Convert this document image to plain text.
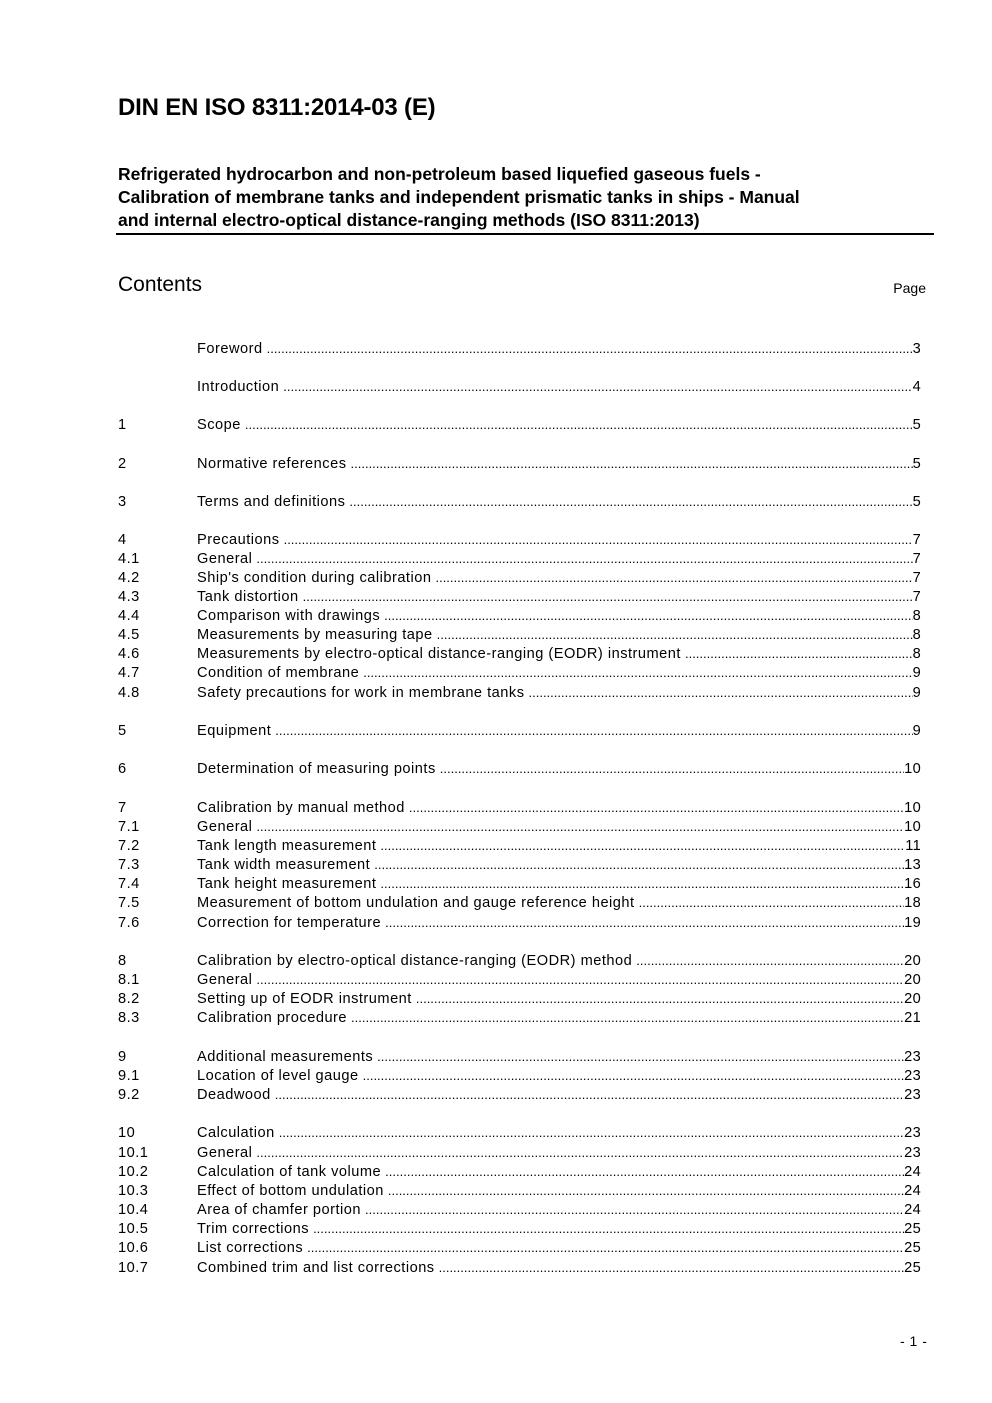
DIN EN ISO 8311:2014-03 (E)
Refrigerated hydrocarbon and non-petroleum based liquefied gaseous fuels -
Calibration of membrane tanks and independent prismatic tanks in ships - Manual
and internal electro-optical distance-ranging methods (ISO 8311:2013)
Contents	Page
Foreword .....	3
Introduction .....	4
1	Scope .....	5
2	Normative references .....	5
3	Terms and definitions .....	5
4	Precautions .....	7
4.1	General .....	7
4.2	Ship's condition during calibration .....	7
4.3	Tank distortion .....	7
4.4	Comparison with drawings .....	8
4.5	Measurements by measuring tape .....	8
4.6	Measurements by electro-optical distance-ranging (EODR) instrument .....	8
4.7	Condition of membrane .....	9
4.8	Safety precautions for work in membrane tanks .....	9
5	Equipment .....	9
6	Determination of measuring points .....	10
7	Calibration by manual method .....	10
7.1	General .....	10
7.2	Tank length measurement .....	11
7.3	Tank width measurement .....	13
7.4	Tank height measurement .....	16
7.5	Measurement of bottom undulation and gauge reference height .....	18
7.6	Correction for temperature .....	19
8	Calibration by electro-optical distance-ranging (EODR) method .....	20
8.1	General .....	20
8.2	Setting up of EODR instrument .....	20
8.3	Calibration procedure .....	21
9	Additional measurements .....	23
9.1	Location of level gauge .....	23
9.2	Deadwood .....	23
10	Calculation .....	23
10.1	General .....	23
10.2	Calculation of tank volume .....	24
10.3	Effect of bottom undulation .....	24
10.4	Area of chamfer portion .....	24
10.5	Trim corrections .....	25
10.6	List corrections .....	25
10.7	Combined trim and list corrections .....	25
- 1 -
